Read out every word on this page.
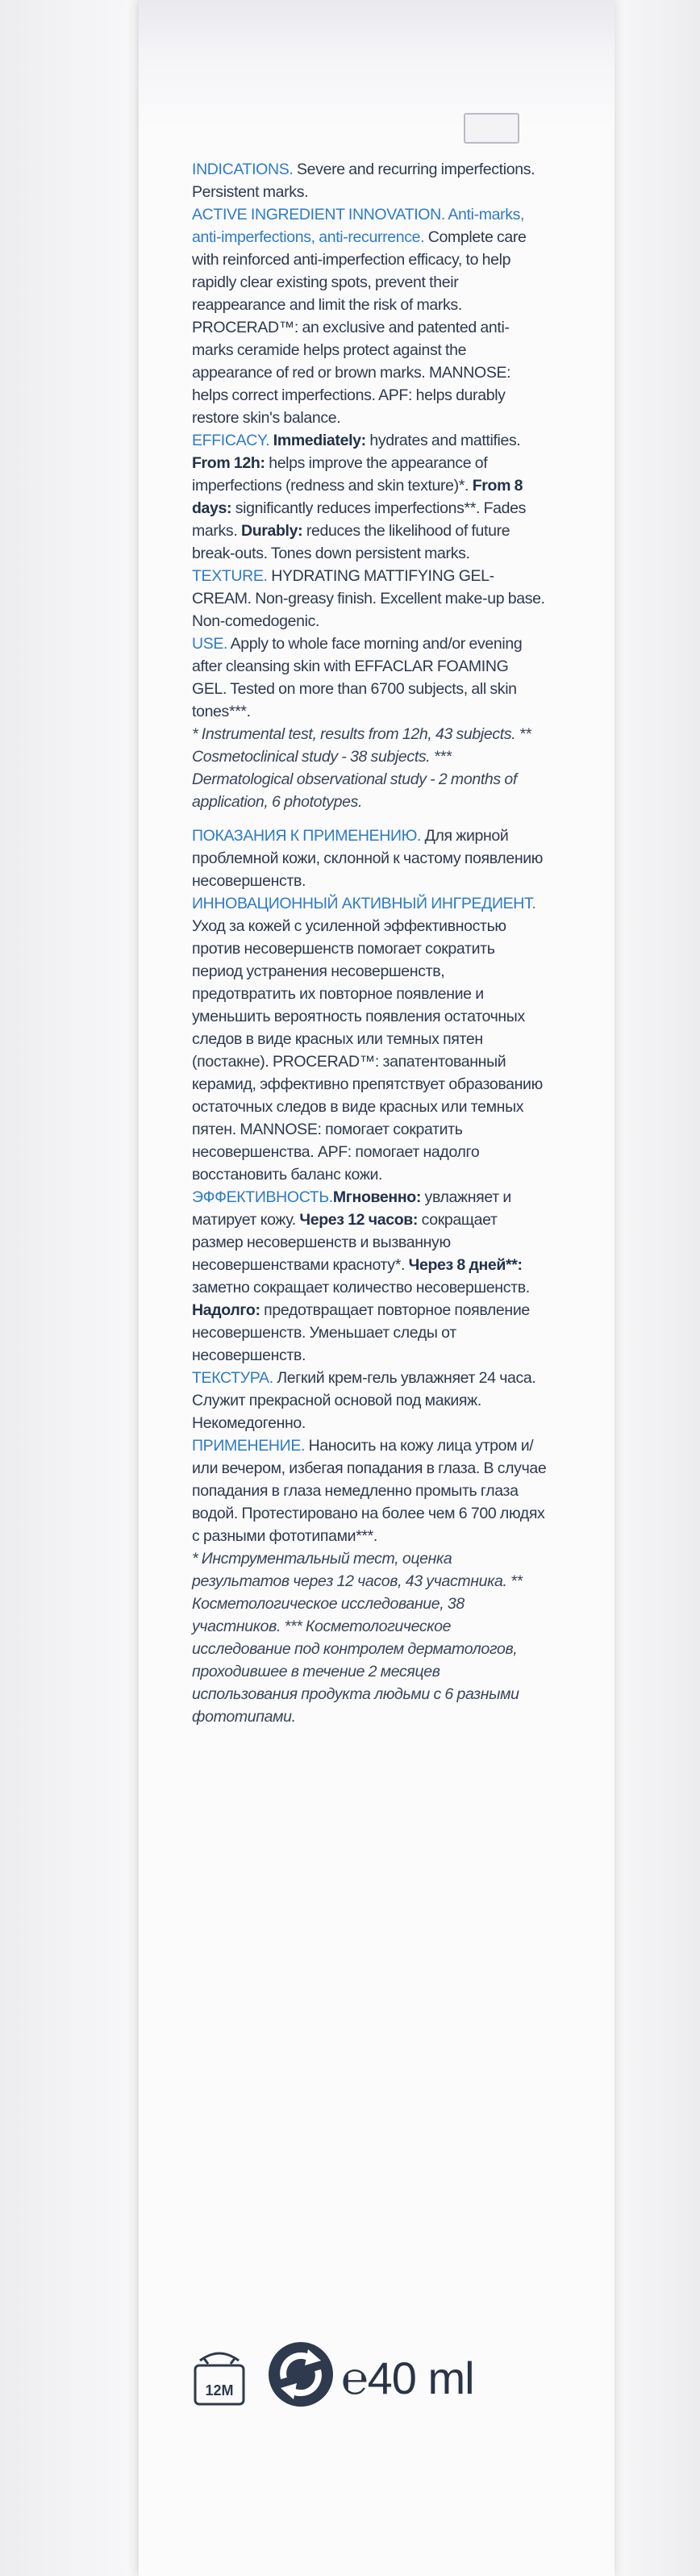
INDICATIONS. Severe and recurring imperfections. Persistent marks.

ACTIVE INGREDIENT INNOVATION. Anti-marks, anti-imperfections, anti-recurrence. Complete care with reinforced anti-imperfection efficacy, to help rapidly clear existing spots, prevent their reappearance and limit the risk of marks. PROCERAD™: an exclusive and patented anti-marks ceramide helps protect against the appearance of red or brown marks. MANNOSE: helps correct imperfections. APF: helps durably restore skin's balance.

EFFICACY. Immediately: hydrates and mattifies. From 12h: helps improve the appearance of imperfections (redness and skin texture)*. From 8 days: significantly reduces imperfections**. Fades marks. Durably: reduces the likelihood of future break-outs. Tones down persistent marks.

TEXTURE. HYDRATING MATTIFYING GEL-CREAM. Non-greasy finish. Excellent make-up base. Non-comedogenic.

USE. Apply to whole face morning and/or evening after cleansing skin with EFFACLAR FOAMING GEL. Tested on more than 6700 subjects, all skin tones***.

* Instrumental test, results from 12h, 43 subjects. ** Cosmetoclinical study - 38 subjects. *** Dermatological observational study - 2 months of application, 6 phototypes.

ПОКАЗАНИЯ К ПРИМЕНЕНИЮ. Для жирной проблемной кожи, склонной к частому появлению несовершенств.

ИННОВАЦИОННЫЙ АКТИВНЫЙ ИНГРЕДИЕНТ.

Уход за кожей с усиленной эффективностью против несовершенств помогает сократить период устранения несовершенств, предотвратить их повторное появление и уменьшить вероятность появления остаточных следов в виде красных или темных пятен (постакне). PROCERAD™: запатентованный керамид, эффективно препятствует образованию остаточных следов в виде красных или темных пятен. MANNOSE: помогает сократить несовершенства. APF: помогает надолго восстановить баланс кожи.

ЭФФЕКТИВНОСТЬ.Мгновенно: увлажняет и матирует кожу. Через 12 часов: сокращает размер несовершенств и вызванную несовершенствами красноту*. Через 8 дней**: заметно сокращает количество несовершенств. Надолго: предотвращает повторное появление несовершенств. Уменьшает следы от несовершенств.

ТЕКСТУРА. Легкий крем-гель увлажняет 24 часа. Служит прекрасной основой под макияж. Некомедогенно.

ПРИМЕНЕНИЕ. Наносить на кожу лица утром и/или вечером, избегая попадания в глаза. В случае попадания в глаза немедленно промыть глаза водой. Протестировано на более чем 6 700 людях с разными фототипами***.

* Инструментальный тест, оценка результатов через 12 часов, 43 участника. ** Косметологическое исследование, 38 участников. *** Косметологическое исследование под контролем дерматологов, проходившее в течение 2 месяцев использования продукта людьми с 6 разными фототипами.

12M ℮40 ml
